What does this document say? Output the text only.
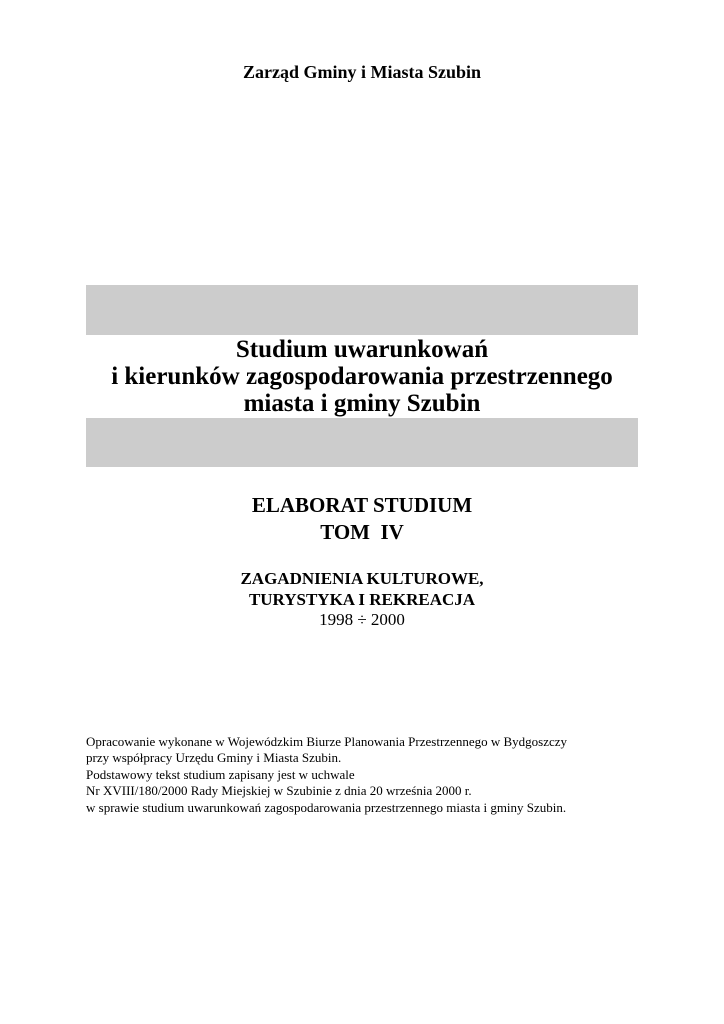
Zarząd Gminy i Miasta Szubin
Studium uwarunkowań
i kierunków zagospodarowania przestrzennego
miasta i gminy Szubin
ELABORAT STUDIUM
TOM  IV
ZAGADNIENIA KULTUROWE,
TURYSTYKA I REKREACJA
1998 ÷ 2000
Opracowanie wykonane w Wojewódzkim Biurze Planowania Przestrzennego w Bydgoszczy
przy współpracy Urzędu Gminy i Miasta Szubin.
Podstawowy tekst studium zapisany jest w uchwale
Nr XVIII/180/2000 Rady Miejskiej w Szubinie z dnia 20 września 2000 r.
w sprawie studium uwarunkowań zagospodarowania przestrzennego miasta i gminy Szubin.
